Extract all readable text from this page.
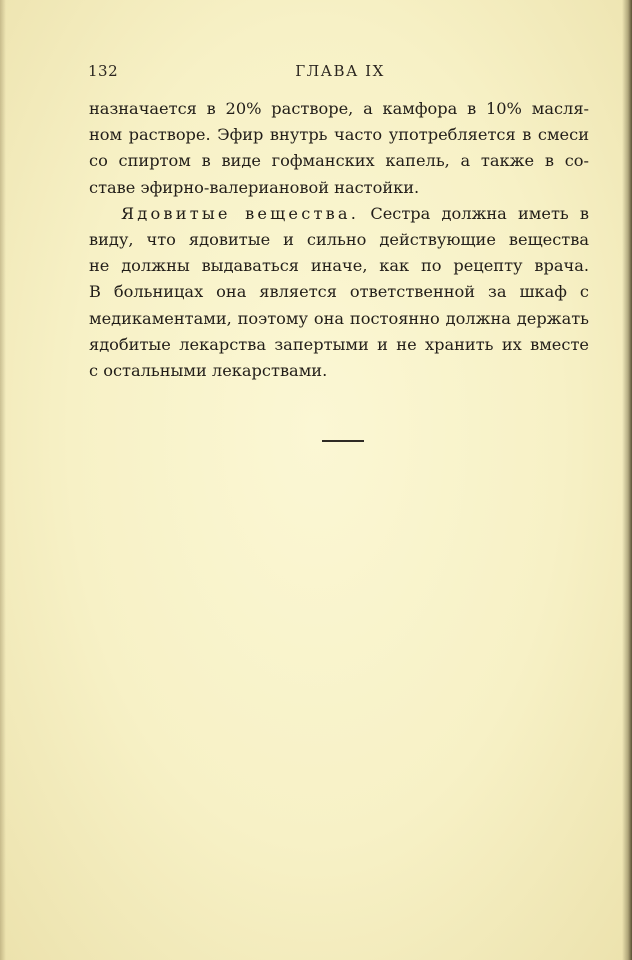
132	ГЛАВА IX
назначается в 20% растворе, а камфора в 10% масля-
ном растворе. Эфир внутрь часто употребляется в смеси
со спиртом в виде гофманских капель, а также в со-
ставе эфирно-валериановой настойки.
Ядовитые вещества. Сестра должна иметь в
виду, что ядовитые и сильно действующие вещества
не должны выдаваться иначе, как по рецепту врача.
В больницах она является ответственной за шкаф с
медикаментами, поэтому она постоянно должна держать
ядобитые лекарства запертыми и не хранить их вместе
с остальными лекарствами.
